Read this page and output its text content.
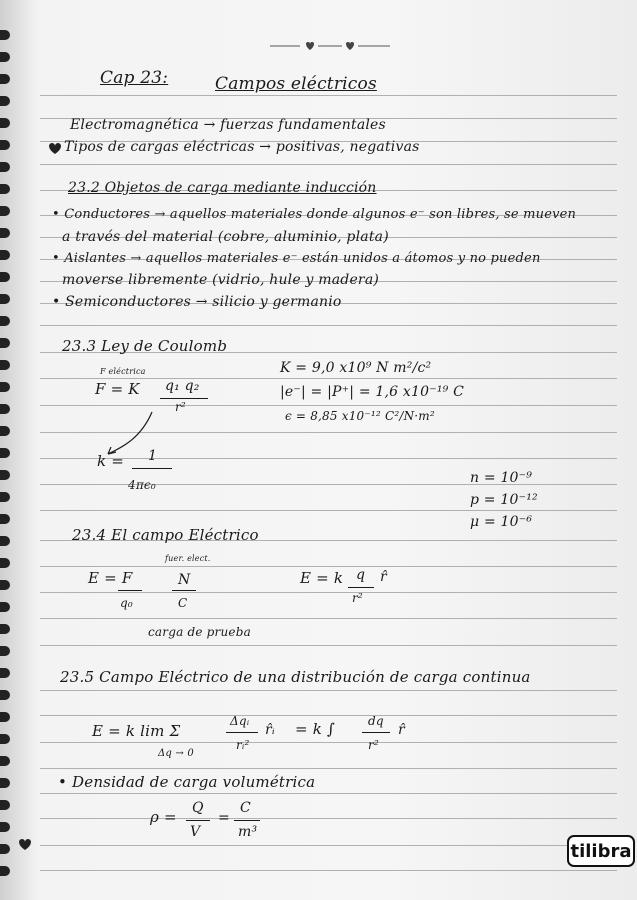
Cap 23:	Campos eléctricos
Electromagnética → fuerzas fundamentales
Tipos de cargas eléctricas → positivas, negativas
23.2 Objetos de carga mediante inducción
• Conductores → aquellos materiales donde algunos e⁻ son libres, se mueven
a través del material (cobre, aluminio, plata)
• Aislantes → aquellos materiales e⁻ están unidos a átomos y no pueden
moverse libremente (vidrio, hule y madera)
• Semiconductores → silicio y germanio
23.3 Ley de Coulomb
F eléctrica
F = K q₁ q₂
r²
K = 9,0 x10⁹ N m²/c²
|e⁻| = |P⁺| = 1,6 x10⁻¹⁹ C
ϵ = 8,85 x10⁻¹² C²/N·m²
k = 1
4πϵ₀	n = 10⁻⁹
p = 10⁻¹²
μ = 10⁻⁶
23.4 El campo Eléctrico
fuer. elect.
E = F
q₀
N
C
carga de prueba
E = k q
r²
r̂
23.5 Campo Eléctrico de una distribución de carga continua
E = k lim Σ
Δqᵢ
rᵢ²
r̂ᵢ = k ∫	dq
r²
r̂
Δq → 0
• Densidad de carga volumétrica
ρ = Q
V
=
C
m³
tilibra
